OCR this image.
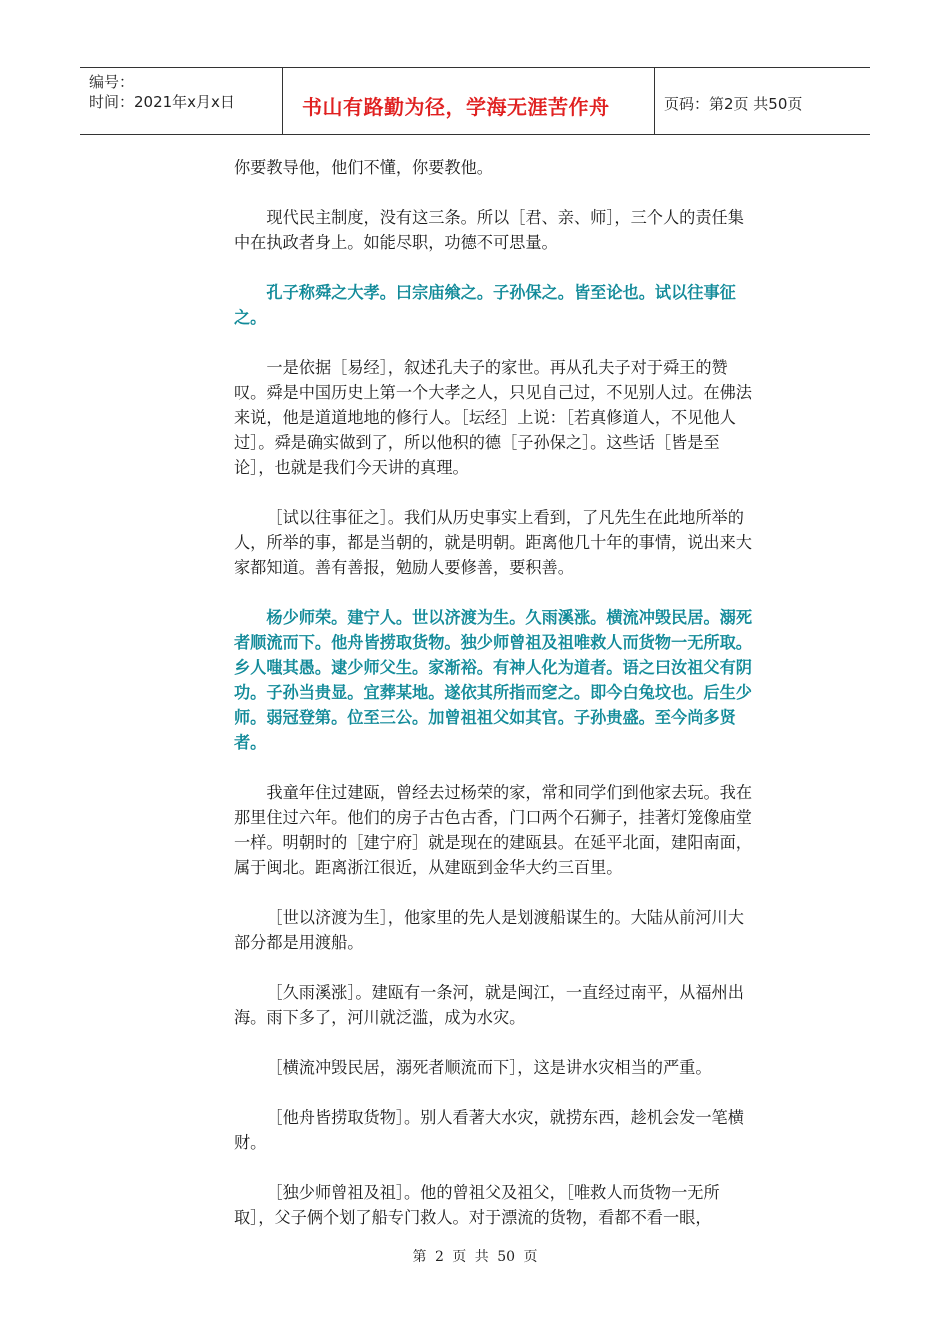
编号：
时间：2021年x月x日	书山有路勤为径，学海无涯苦作舟	页码：第2页 共50页

你要教导他，他们不懂，你要教他。

现代民主制度，没有这三条。所以［君、亲、师］，三个人的责任集中在执政者身上。如能尽职，功德不可思量。

孔子称舜之大孝。曰宗庙飨之。子孙保之。皆至论也。试以往事征之。

一是依据［易经］，叙述孔夫子的家世。再从孔夫子对于舜王的赞叹。舜是中国历史上第一个大孝之人，只见自己过，不见别人过。在佛法来说，他是道道地地的修行人。［坛经］上说：［若真修道人，不见他人过］。舜是确实做到了，所以他积的德［子孙保之］。这些话［皆是至论］，也就是我们今天讲的真理。

［试以往事征之］。我们从历史事实上看到，了凡先生在此地所举的人，所举的事，都是当朝的，就是明朝。距离他几十年的事情，说出来大家都知道。善有善报，勉励人要修善，要积善。

杨少师荣。建宁人。世以济渡为生。久雨溪涨。横流冲毁民居。溺死者顺流而下。他舟皆捞取货物。独少师曾祖及祖唯救人而货物一无所取。乡人嗤其愚。逮少师父生。家渐裕。有神人化为道者。语之曰汝祖父有阴功。子孙当贵显。宜葬某地。遂依其所指而窆之。即今白兔坟也。后生少师。弱冠登第。位至三公。加曾祖祖父如其官。子孙贵盛。至今尚多贤者。

我童年住过建瓯，曾经去过杨荣的家，常和同学们到他家去玩。我在那里住过六年。他们的房子古色古香，门口两个石狮子，挂著灯笼像庙堂一样。明朝时的［建宁府］就是现在的建瓯县。在延平北面，建阳南面，属于闽北。距离浙江很近，从建瓯到金华大约三百里。

［世以济渡为生］，他家里的先人是划渡船谋生的。大陆从前河川大部分都是用渡船。

［久雨溪涨］。建瓯有一条河，就是闽江，一直经过南平，从福州出海。雨下多了，河川就泛滥，成为水灾。

［横流冲毁民居，溺死者顺流而下］，这是讲水灾相当的严重。

［他舟皆捞取货物］。别人看著大水灾，就捞东西，趁机会发一笔横财。

［独少师曾祖及祖］。他的曾祖父及祖父，［唯救人而货物一无所取］，父子俩个划了船专门救人。对于漂流的货物，看都不看一眼，

第 2 页 共 50 页
